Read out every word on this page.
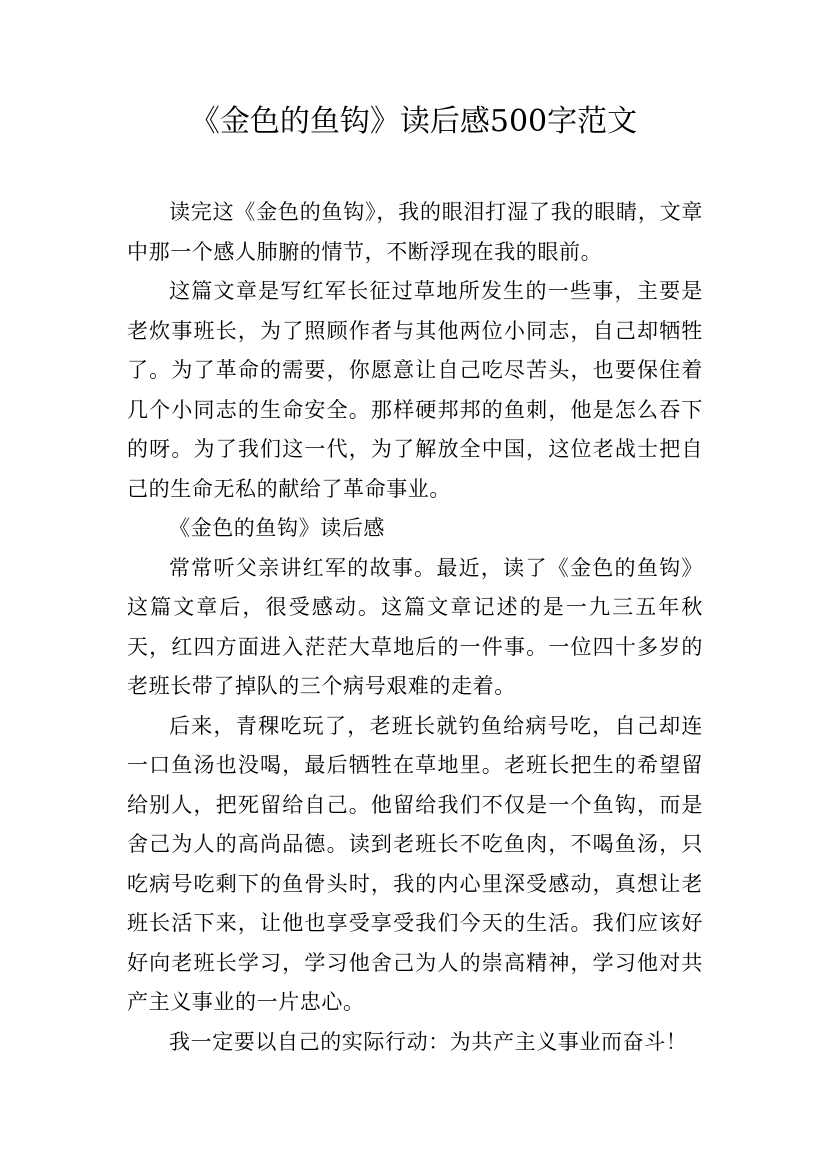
《金色的鱼钩》读后感500字范文

读完这《金色的鱼钩》，我的眼泪打湿了我的眼睛，文章中那一个感人肺腑的情节，不断浮现在我的眼前。

这篇文章是写红军长征过草地所发生的一些事，主要是老炊事班长，为了照顾作者与其他两位小同志，自己却牺牲了。为了革命的需要，你愿意让自己吃尽苦头，也要保住着几个小同志的生命安全。那样硬邦邦的鱼刺，他是怎么吞下的呀。为了我们这一代，为了解放全中国，这位老战士把自己的生命无私的献给了革命事业。

《金色的鱼钩》读后感

常常听父亲讲红军的故事。最近，读了《金色的鱼钩》这篇文章后，很受感动。这篇文章记述的是一九三五年秋天，红四方面进入茫茫大草地后的一件事。一位四十多岁的老班长带了掉队的三个病号艰难的走着。

后来，青稞吃玩了，老班长就钓鱼给病号吃，自己却连一口鱼汤也没喝，最后牺牲在草地里。老班长把生的希望留给别人，把死留给自己。他留给我们不仅是一个鱼钩，而是舍己为人的高尚品德。读到老班长不吃鱼肉，不喝鱼汤，只吃病号吃剩下的鱼骨头时，我的内心里深受感动，真想让老班长活下来，让他也享受享受我们今天的生活。我们应该好好向老班长学习，学习他舍己为人的崇高精神，学习他对共产主义事业的一片忠心。

我一定要以自己的实际行动：为共产主义事业而奋斗！
